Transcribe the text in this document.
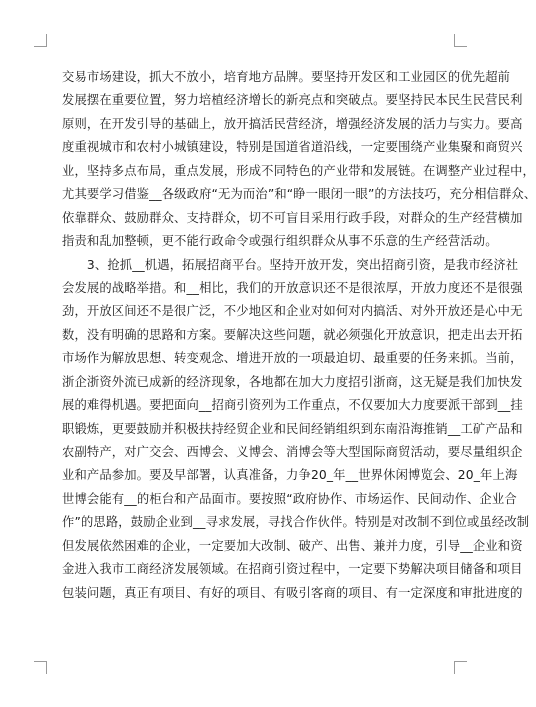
交易市场建设，抓大不放小，培育地方品牌。要坚持开发区和工业园区的优先超前
发展摆在重要位置，努力培植经济增长的新亮点和突破点。要坚持民本民生民营民利
原则，在开发引导的基础上，放开搞活民营经济，增强经济发展的活力与实力。要高
度重视城市和农村小城镇建设，特别是国道省道沿线，一定要围绕产业集聚和商贸兴
业，坚持多点布局，重点发展，形成不同特色的产业带和发展链。在调整产业过程中，
尤其要学习借鉴__各级政府“无为而治”和“睁一眼闭一眼”的方法技巧，充分相信群众、
依靠群众、鼓励群众、支持群众，切不可盲目采用行政手段，对群众的生产经营横加
指责和乱加整顿，更不能行政命令或强行组织群众从事不乐意的生产经营活动。
　　3、抢抓__机遇，拓展招商平台。坚持开放开发，突出招商引资，是我市经济社
会发展的战略举措。和__相比，我们的开放意识还不是很浓厚，开放力度还不是很强
劲，开放区间还不是很广泛，不少地区和企业对如何对内搞活、对外开放还是心中无
数，没有明确的思路和方案。要解决这些问题，就必须强化开放意识，把走出去开拓
市场作为解放思想、转变观念、增进开放的一项最迫切、最重要的任务来抓。当前，
浙企浙资外流已成新的经济现象，各地都在加大力度招引浙商，这无疑是我们加快发
展的难得机遇。要把面向__招商引资列为工作重点，不仅要加大力度要派干部到__挂
职锻炼，更要鼓励并积极扶持经贸企业和民间经销组织到东南沿海推销__工矿产品和
农副特产，对广交会、西博会、义博会、消博会等大型国际商贸活动，要尽量组织企
业和产品参加。要及早部署，认真准备，力争20_年__世界休闲博览会、20_年上海
世博会能有__的柜台和产品面市。要按照“政府协作、市场运作、民间动作、企业合
作”的思路，鼓励企业到__寻求发展，寻找合作伙伴。特别是对改制不到位或虽经改制
但发展依然困难的企业，一定要加大改制、破产、出售、兼并力度，引导__企业和资
金进入我市工商经济发展领域。在招商引资过程中，一定要下势解决项目储备和项目
包装问题，真正有项目、有好的项目、有吸引客商的项目、有一定深度和审批进度的
